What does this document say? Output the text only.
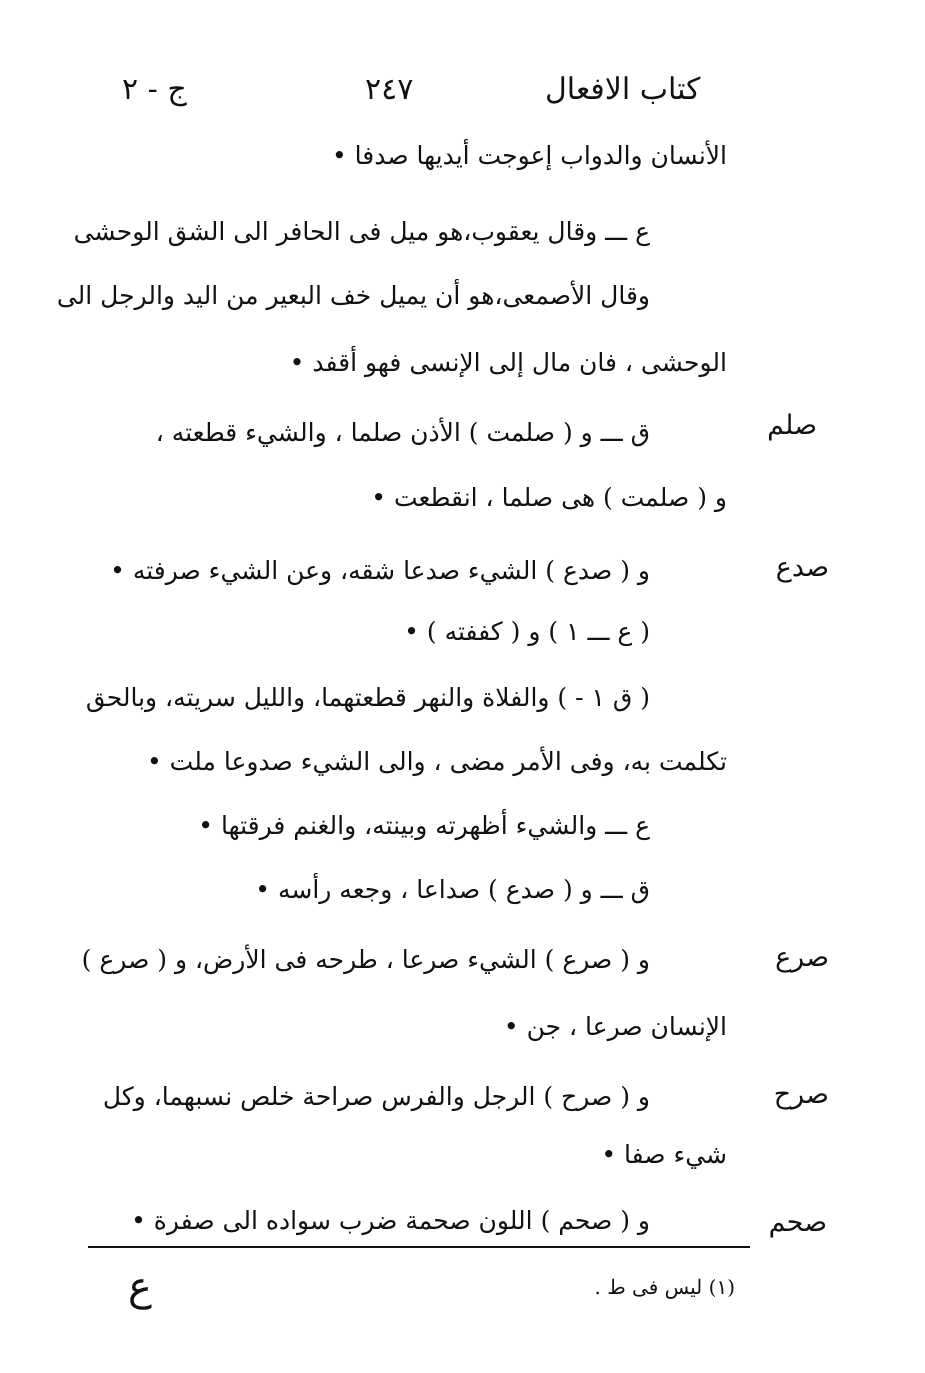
كتاب الافعال
٢٤٧
ج - ٢
صلم
صدع
صرع
صرح
صحم
الأنسان والدواب إعوجت أيديها صدفا •
ع ـــ وقال يعقوب،هو ميل فى الحافر الى الشق الوحشى
وقال الأصمعى،هو أن يميل خف البعير من اليد والرجل الى
الوحشى ، فان مال إلى الإنسى فهو أقفد •
ق ـــ و ( صلمت ) الأذن صلما ، والشيء قطعته ،
و ( صلمت ) هى صلما ، انقطعت •
و ( صدع ) الشيء صدعا شقه، وعن الشيء صرفته •
( ع ـــ ١ ) و ( كففته ) •
( ق ١ - ) والفلاة والنهر قطعتهما، والليل سريته، وبالحق
تكلمت به، وفى الأمر مضى ، والى الشيء صدوعا ملت •
ع ـــ والشيء أظهرته وبينته، والغنم فرقتها •
ق ـــ و ( صدع ) صداعا ، وجعه رأسه •
و ( صرع ) الشيء صرعا ، طرحه فى الأرض، و ( صرع )
الإنسان صرعا ، جن •
و ( صرح ) الرجل والفرس صراحة خلص نسبهما، وكل
شيء صفا •
و ( صحم ) اللون صحمة ضرب سواده الى صفرة •
(١) ليس فى ط .
ع
